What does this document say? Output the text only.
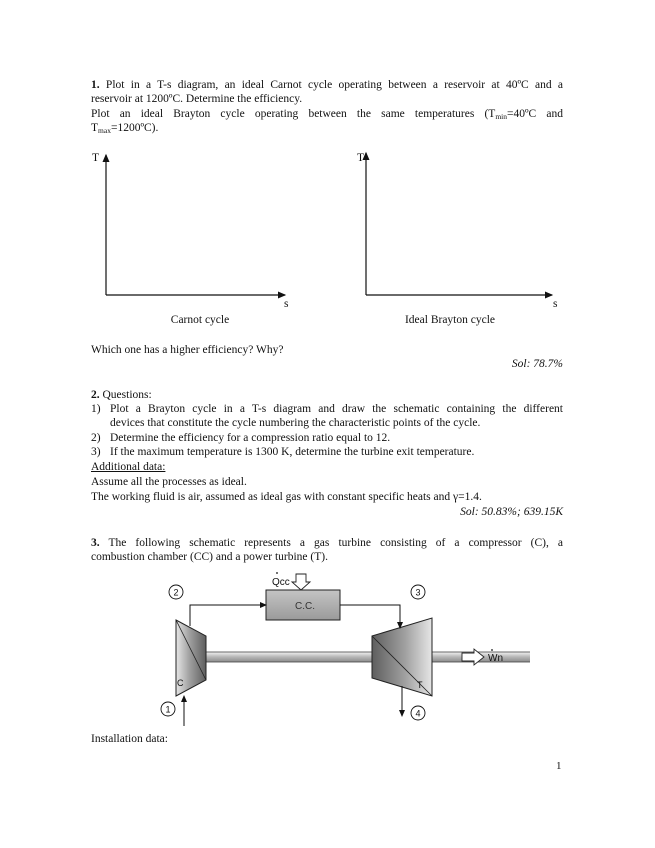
1. Plot in a T-s diagram, an ideal Carnot cycle operating between a reservoir at 40ºC and a
reservoir at 1200ºC. Determine the efficiency.
Plot an ideal Brayton cycle operating between the same temperatures ($T_{min}=40ºC$ and
$T_{max}=1200ºC$).
T
s
T
s
Carnot cycle	Ideal Brayton cycle
Which one has a higher efficiency? Why?
Sol: 78.7%
2. Questions:
1) Plot a Brayton cycle in a T-s diagram and draw the schematic containing the different
devices that constitute the cycle numbering the characteristic points of the cycle.
2) Determine the efficiency for a compression ratio equal to 12.
3) If the maximum temperature is 1300 K, determine the turbine exit temperature.
Additional data:
Assume all the processes as ideal.
The working fluid is air, assumed as ideal gas with constant specific heats and γ=1.4.
Sol: 50.83%; 639.15K
3. The following schematic represents a gas turbine consisting of a compressor (C), a
combustion chamber (CC) and a power turbine (T).
Qcc
C.C.
C	T
Wn
2	3
1	4
Installation data:
1
